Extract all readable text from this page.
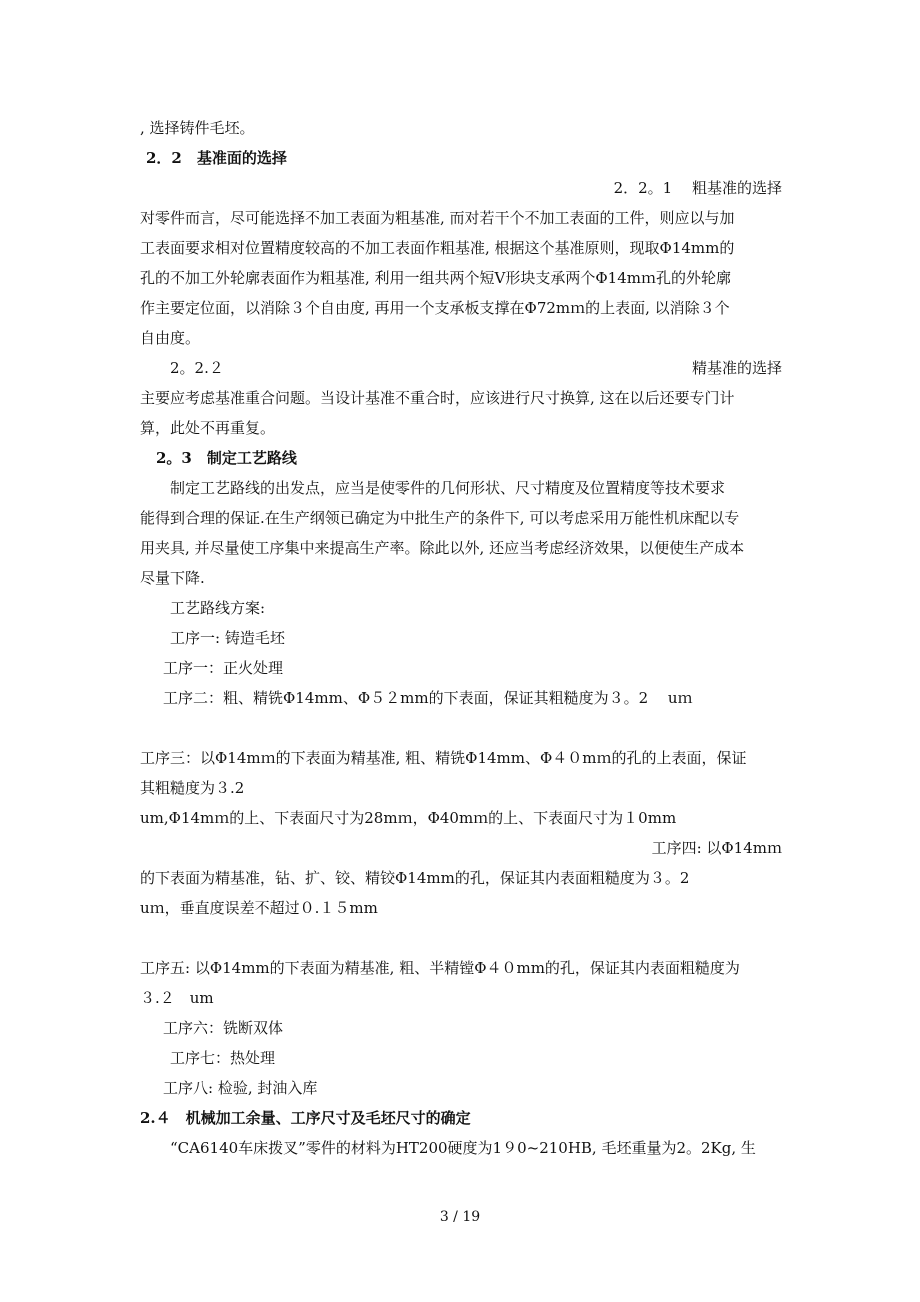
, 选择铸件毛坯。
2．2　基准面的选择
2．2。1　 粗基准的选择
对零件而言，尽可能选择不加工表面为粗基准, 而对若干个不加工表面的工件，则应以与加
工表面要求相对位置精度较高的不加工表面作粗基准, 根据这个基准原则，现取Φ14mm的
孔的不加工外轮廓表面作为粗基准, 利用一组共两个短V形块支承两个Φ14mｍ孔的外轮廓
作主要定位面，以消除３个自由度, 再用一个支承板支撑在Φ72mｍ的上表面, 以消除３个
自由度。
2。2.２	精基准的选择
主要应考虑基准重合问题。当设计基准不重合时，应该进行尺寸换算, 这在以后还要专门计
算，此处不再重复。
2。3　制定工艺路线
制定工艺路线的出发点，应当是使零件的几何形状、尺寸精度及位置精度等技术要求
能得到合理的保证.在生产纲领已确定为中批生产的条件下, 可以考虑采用万能性机床配以专
用夹具, 并尽量使工序集中来提高生产率。除此以外, 还应当考虑经济效果，以便使生产成本
尽量下降.
工艺路线方案:
工序一: 铸造毛坯
工序一：正火处理
工序二：粗、精铣Φ14mm、Φ５２mm的下表面，保证其粗糙度为３。2　 uｍ
工序三：以Φ14mｍ的下表面为精基准, 粗、精铣Φ14mm、Φ４０mｍ的孔的上表面，保证
其粗糙度为３.2
um,Φ14mｍ的上、下表面尺寸为28mｍ，Φ40mｍ的上、下表面尺寸为１0mm
工序四: 以Φ14mｍ
的下表面为精基准，钻、扩、铰、精铰Φ14mm的孔，保证其内表面粗糙度为３。2
uｍ，垂直度误差不超过０.１５mm
工序五: 以Φ14mm的下表面为精基准, 粗、半精镗Φ４０mm的孔，保证其内表面粗糙度为
３.２　um
工序六：铣断双体
工序七：热处理
工序八: 检验, 封油入库
2.４　机械加工余量、工序尺寸及毛坯尺寸的确定
“CA6140车床拨叉”零件的材料为HT200硬度为1９0~210HB, 毛坯重量为2。2Kg, 生
3 / 19
